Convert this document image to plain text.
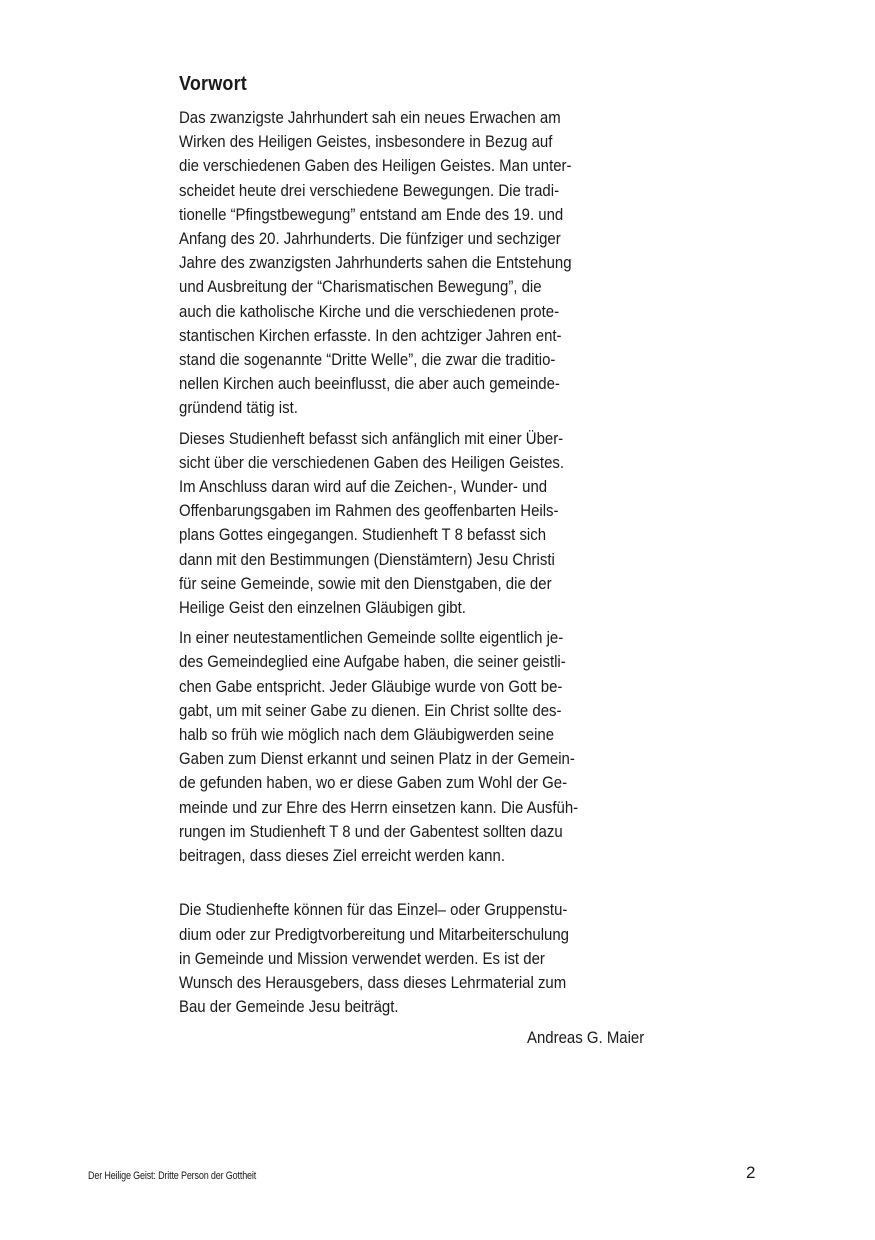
Vorwort

Das zwanzigste Jahrhundert sah ein neues Erwachen am
Wirken des Heiligen Geistes, insbesondere in Bezug auf
die verschiedenen Gaben des Heiligen Geistes. Man unter-
scheidet heute drei verschiedene Bewegungen. Die tradi-
tionelle “Pfingstbewegung” entstand am Ende des 19. und
Anfang des 20. Jahrhunderts. Die fünfziger und sechziger
Jahre des zwanzigsten Jahrhunderts sahen die Entstehung
und Ausbreitung der “Charismatischen Bewegung”, die
auch die katholische Kirche und die verschiedenen prote-
stantischen Kirchen erfasste. In den achtziger Jahren ent-
stand die sogenannte “Dritte Welle”, die zwar die traditio-
nellen Kirchen auch beeinflusst, die aber auch gemeinde-
gründend tätig ist.

Dieses Studienheft befasst sich anfänglich mit einer Über-
sicht über die verschiedenen Gaben des Heiligen Geistes.
Im Anschluss daran wird auf die Zeichen-, Wunder- und
Offenbarungsgaben im Rahmen des geoffenbarten Heils-
plans Gottes eingegangen. Studienheft T 8 befasst sich
dann mit den Bestimmungen (Dienstämtern) Jesu Christi
für seine Gemeinde, sowie mit den Dienstgaben, die der
Heilige Geist den einzelnen Gläubigen gibt.

In einer neutestamentlichen Gemeinde sollte eigentlich je-
des Gemeindeglied eine Aufgabe haben, die seiner geistli-
chen Gabe entspricht. Jeder Gläubige wurde von Gott be-
gabt, um mit seiner Gabe zu dienen. Ein Christ sollte des-
halb so früh wie möglich nach dem Gläubigwerden seine
Gaben zum Dienst erkannt und seinen Platz in der Gemein-
de gefunden haben, wo er diese Gaben zum Wohl der Ge-
meinde und zur Ehre des Herrn einsetzen kann. Die Ausfüh-
rungen im Studienheft T 8 und der Gabentest sollten dazu
beitragen, dass dieses Ziel erreicht werden kann.

Die Studienhefte können für das Einzel– oder Gruppenstu-
dium oder zur Predigtvorbereitung und Mitarbeiterschulung
in Gemeinde und Mission verwendet werden. Es ist der
Wunsch des Herausgebers, dass dieses Lehrmaterial zum
Bau der Gemeinde Jesu beiträgt.

Andreas G. Maier
Der Heilige Geist: Dritte Person der Gottheit	2
